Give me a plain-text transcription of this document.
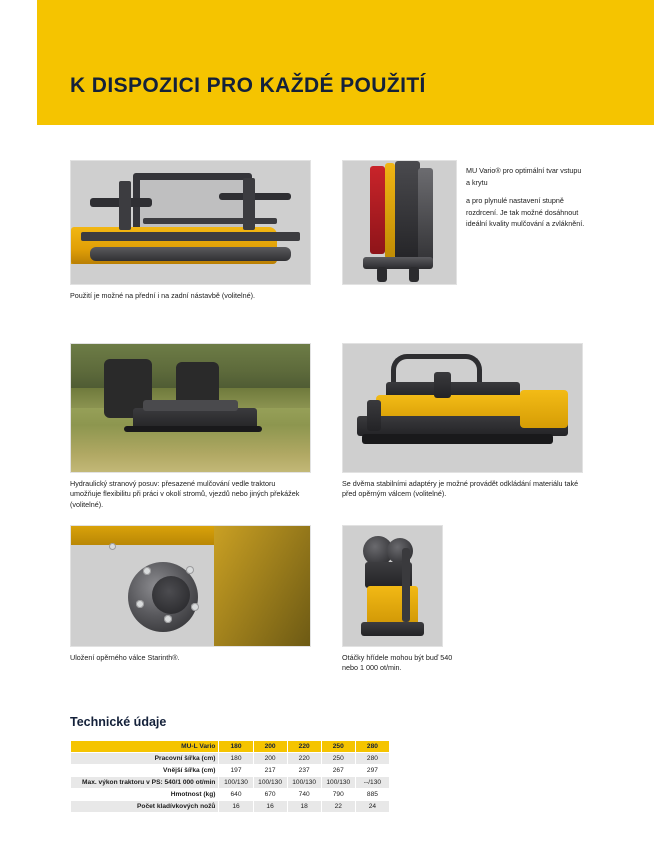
K DISPOZICI PRO KAŽDÉ POUŽITÍ
Použití je možné na přední i na zadní nástavbě (volitelné).

MU Vario® pro optimální tvar vstupu a krytu

a pro plynulé nastavení stupně rozdrcení. Je tak možné dosáhnout ideální kvality mulčování a zvláknění.

Hydraulický stranový posuv: přesazené mulčování vedle traktoru umožňuje flexibilitu při práci v okolí stromů, vjezdů nebo jiných překážek (volitelné).
Se dvěma stabilními adaptéry je možné provádět odkládání materiálu také před opěrným válcem (volitelné).
Uložení opěrného válce Starinth®.	Otáčky hřídele mohou být buď 540 nebo 1 000 ot/min.
Technické údaje
MU-L Vario	180	200	220	250	280
Pracovní šířka (cm)	180	200	220	250	280
Vnější šířka (cm)	197	217	237	267	297
Max. výkon traktoru v PS: 540/1 000 ot/min	100/130	100/130	100/130	100/130	--/130
Hmotnost (kg)	640	670	740	790	885
Počet kladívkových nožů	16	16	18	22	24
